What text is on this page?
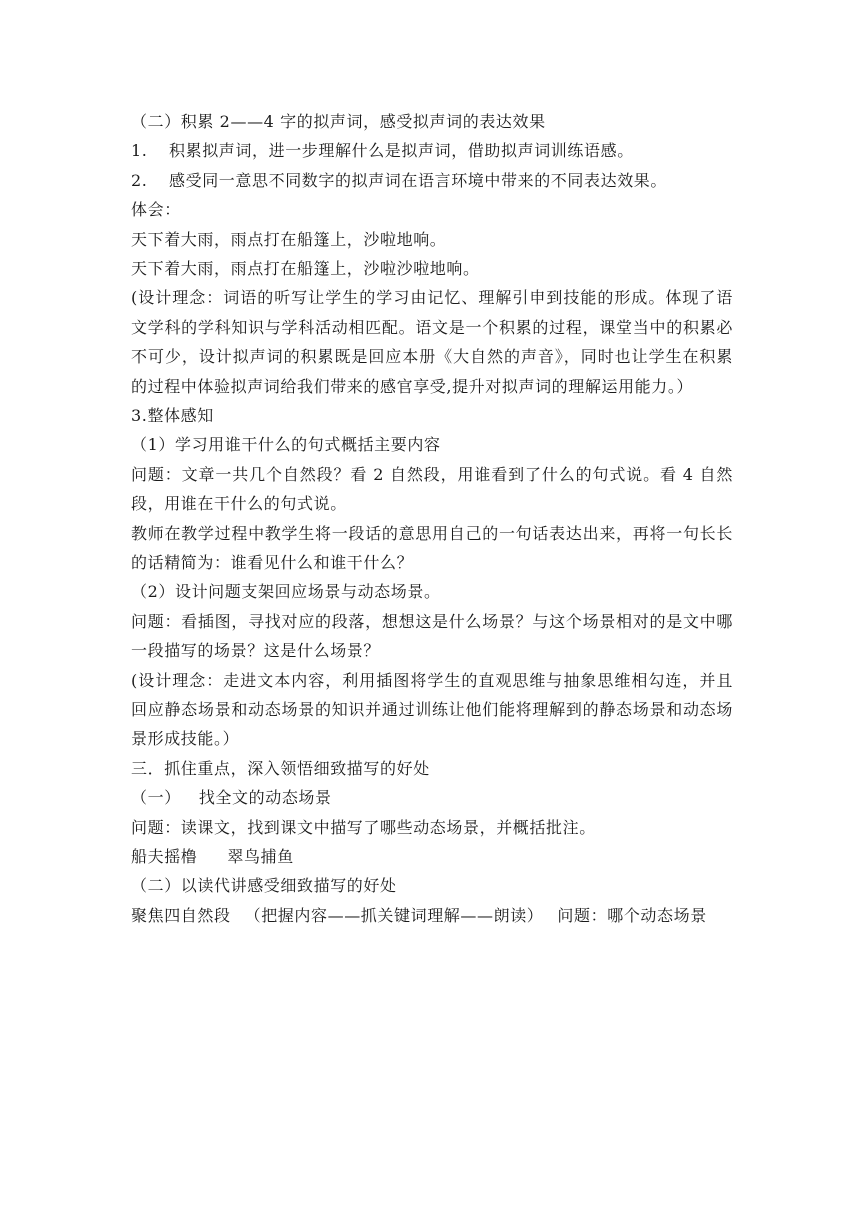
（二）积累 2——4 字的拟声词，感受拟声词的表达效果
1. 积累拟声词，进一步理解什么是拟声词，借助拟声词训练语感。
2. 感受同一意思不同数字的拟声词在语言环境中带来的不同表达效果。
体会：
天下着大雨，雨点打在船篷上，沙啦地响。
天下着大雨，雨点打在船篷上，沙啦沙啦地响。
(设计理念：词语的听写让学生的学习由记忆、理解引申到技能的形成。体现了语文学科的学科知识与学科活动相匹配。语文是一个积累的过程，课堂当中的积累必不可少，设计拟声词的积累既是回应本册《大自然的声音》，同时也让学生在积累的过程中体验拟声词给我们带来的感官享受,提升对拟声词的理解运用能力。）
3.整体感知
（1）学习用谁干什么的句式概括主要内容
问题：文章一共几个自然段？看 2 自然段，用谁看到了什么的句式说。看 4 自然段，用谁在干什么的句式说。
教师在教学过程中教学生将一段话的意思用自己的一句话表达出来，再将一句长长的话精简为：谁看见什么和谁干什么？
（2）设计问题支架回应场景与动态场景。
问题：看插图，寻找对应的段落，想想这是什么场景？与这个场景相对的是文中哪一段描写的场景？这是什么场景？
(设计理念：走进文本内容，利用插图将学生的直观思维与抽象思维相勾连，并且回应静态场景和动态场景的知识并通过训练让他们能将理解到的静态场景和动态场景形成技能。）
三．抓住重点，深入领悟细致描写的好处
（一） 找全文的动态场景
问题：读课文，找到课文中描写了哪些动态场景，并概括批注。
船夫摇橹 翠鸟捕鱼
（二）以读代讲感受细致描写的好处
聚焦四自然段 （把握内容——抓关键词理解——朗读） 问题：哪个动态场景
